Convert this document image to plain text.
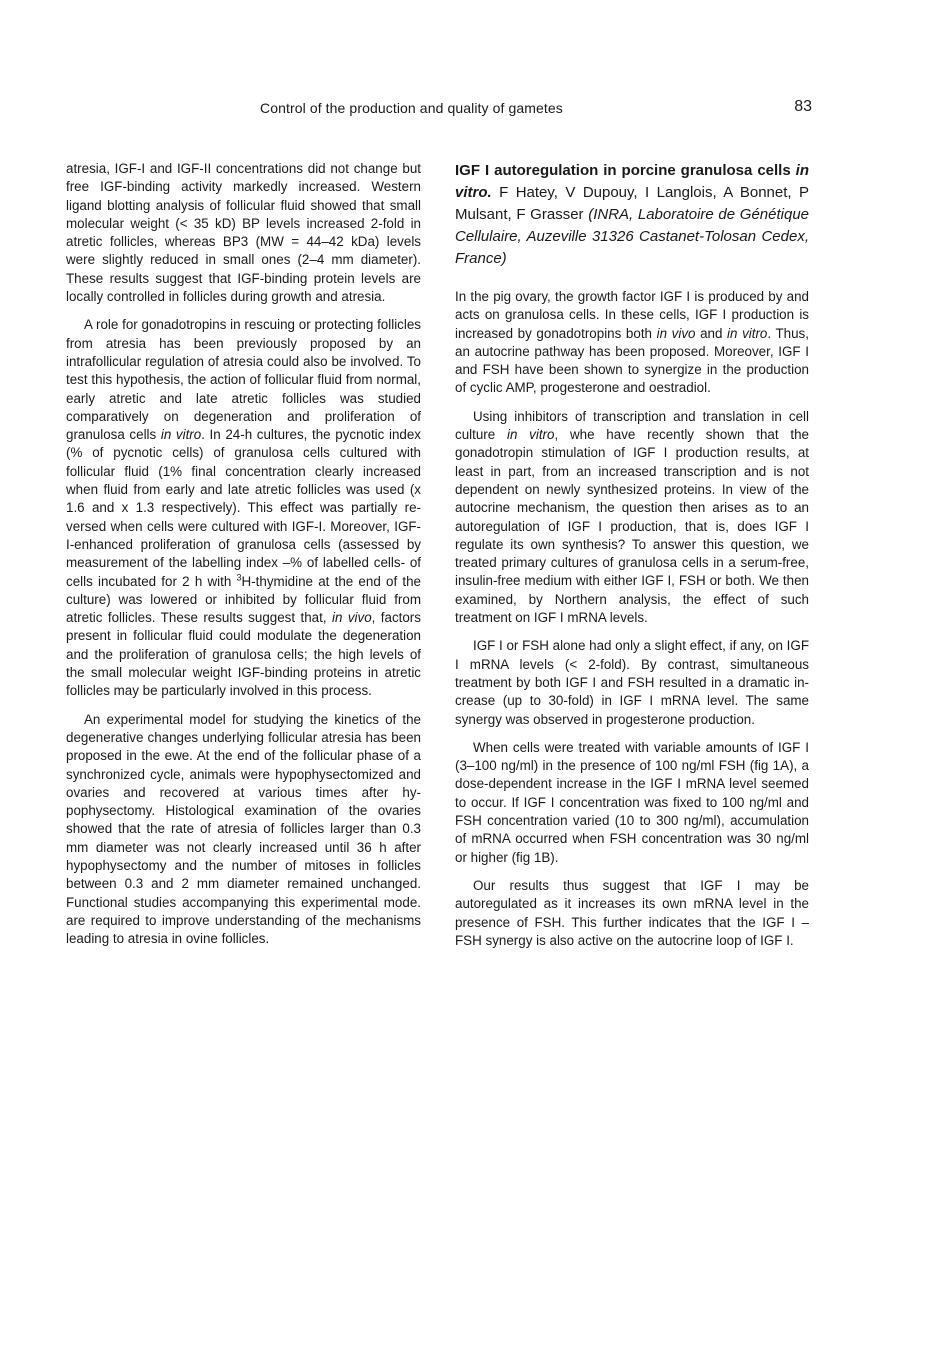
Control of the production and quality of gametes	83

atresia, IGF-I and IGF-II concentrations did not change but free IGF-binding activity markedly increased. Western ligand blotting analysis of follicular fluid showed that small molecular weight (< 35 kD) BP levels increased 2-fold in atretic follicles, whereas BP3 (MW = 44–42 kDa) levels were slightly reduced in small ones (2–4 mm diameter). These results suggest that IGF-binding protein levels are locally controlled in follicles during growth and atresia.

A role for gonadotropins in rescuing or protecting follicles from atresia has been previously proposed by an intrafollicular regulation of atresia could also be involved. To test this hypothesis, the action of follicular fluid from normal, early atretic and late atretic follicles was studied comparatively on degeneration and proliferation of granulosa cells in vitro. In 24-h cultures, the pycnotic index (% of pycnotic cells) of granulosa cells cultured with follicular fluid (1% final concentration clearly increased when fluid from early and late atretic follicles was used (x 1.6 and x 1.3 respectively). This effect was partially reversed when cells were cultured with IGF-I. Moreover, IGF-I-enhanced proliferation of granulosa cells (assessed by measurement of the labelling index –% of labelled cells- of cells incubated for 2 h with $^3$H-thymidine at the end of the culture) was lowered or inhibited by follicular fluid from atretic follicles. These results suggest that, in vivo, factors present in follicular fluid could modulate the degeneration and the proliferation of granulosa cells; the high levels of the small molecular weight IGF-binding proteins in atretic follicles may be particularly involved in this process.

An experimental model for studying the kinetics of the degenerative changes underlying follicular atresia has been proposed in the ewe. At the end of the follicular phase of a synchronized cycle, animals were hypophysectomized and ovaries and recovered at various times after hypophysectomy. Histological examination of the ovaries showed that the rate of atresia of follicles larger than 0.3 mm diameter was not clearly increased until 36 h after hypophysectomy and the number of mitoses in follicles between 0.3 and 2 mm diameter remained unchanged. Functional studies accompanying this experimental mode. are required to improve understanding of the mechanisms leading to atresia in ovine follicles.

IGF I autoregulation in porcine granulosa cells in vitro. F Hatey, V Dupouy, I Langlois, A Bonnet, P Mulsant, F Grasser (INRA, Laboratoire de Génétique Cellulaire, Auzeville 31326 Castanet-Tolosan Cedex, France)

In the pig ovary, the growth factor IGF I is produced by and acts on granulosa cells. In these cells, IGF I production is increased by gonadotropins both in vivo and in vitro. Thus, an autocrine pathway has been proposed. Moreover, IGF I and FSH have been shown to synergize in the production of cyclic AMP, progesterone and oestradiol.

Using inhibitors of transcription and translation in cell culture in vitro, whe have recently shown that the gonadotropin stimulation of IGF I production results, at least in part, from an increased transcription and is not dependent on newly synthesized proteins. In view of the autocrine mechanism, the question then arises as to an autoregulation of IGF I production, that is, does IGF I regulate its own synthesis? To answer this question, we treated primary cultures of granulosa cells in a serum-free, insulin-free medium with either IGF I, FSH or both. We then examined, by Northern analysis, the effect of such treatment on IGF I mRNA levels.

IGF I or FSH alone had only a slight effect, if any, on IGF I mRNA levels (< 2-fold). By contrast, simultaneous treatment by both IGF I and FSH resulted in a dramatic increase (up to 30-fold) in IGF I mRNA level. The same synergy was observed in progesterone production.

When cells were treated with variable amounts of IGF I (3–100 ng/ml) in the presence of 100 ng/ml FSH (fig 1A), a dose-dependent increase in the IGF I mRNA level seemed to occur. If IGF I concentration was fixed to 100 ng/ml and FSH concentration varied (10 to 300 ng/ml), accumulation of mRNA occurred when FSH concentration was 30 ng/ml or higher (fig 1B).

Our results thus suggest that IGF I may be autoregulated as it increases its own mRNA level in the presence of FSH. This further indicates that the IGF I – FSH synergy is also active on the autocrine loop of IGF I.
